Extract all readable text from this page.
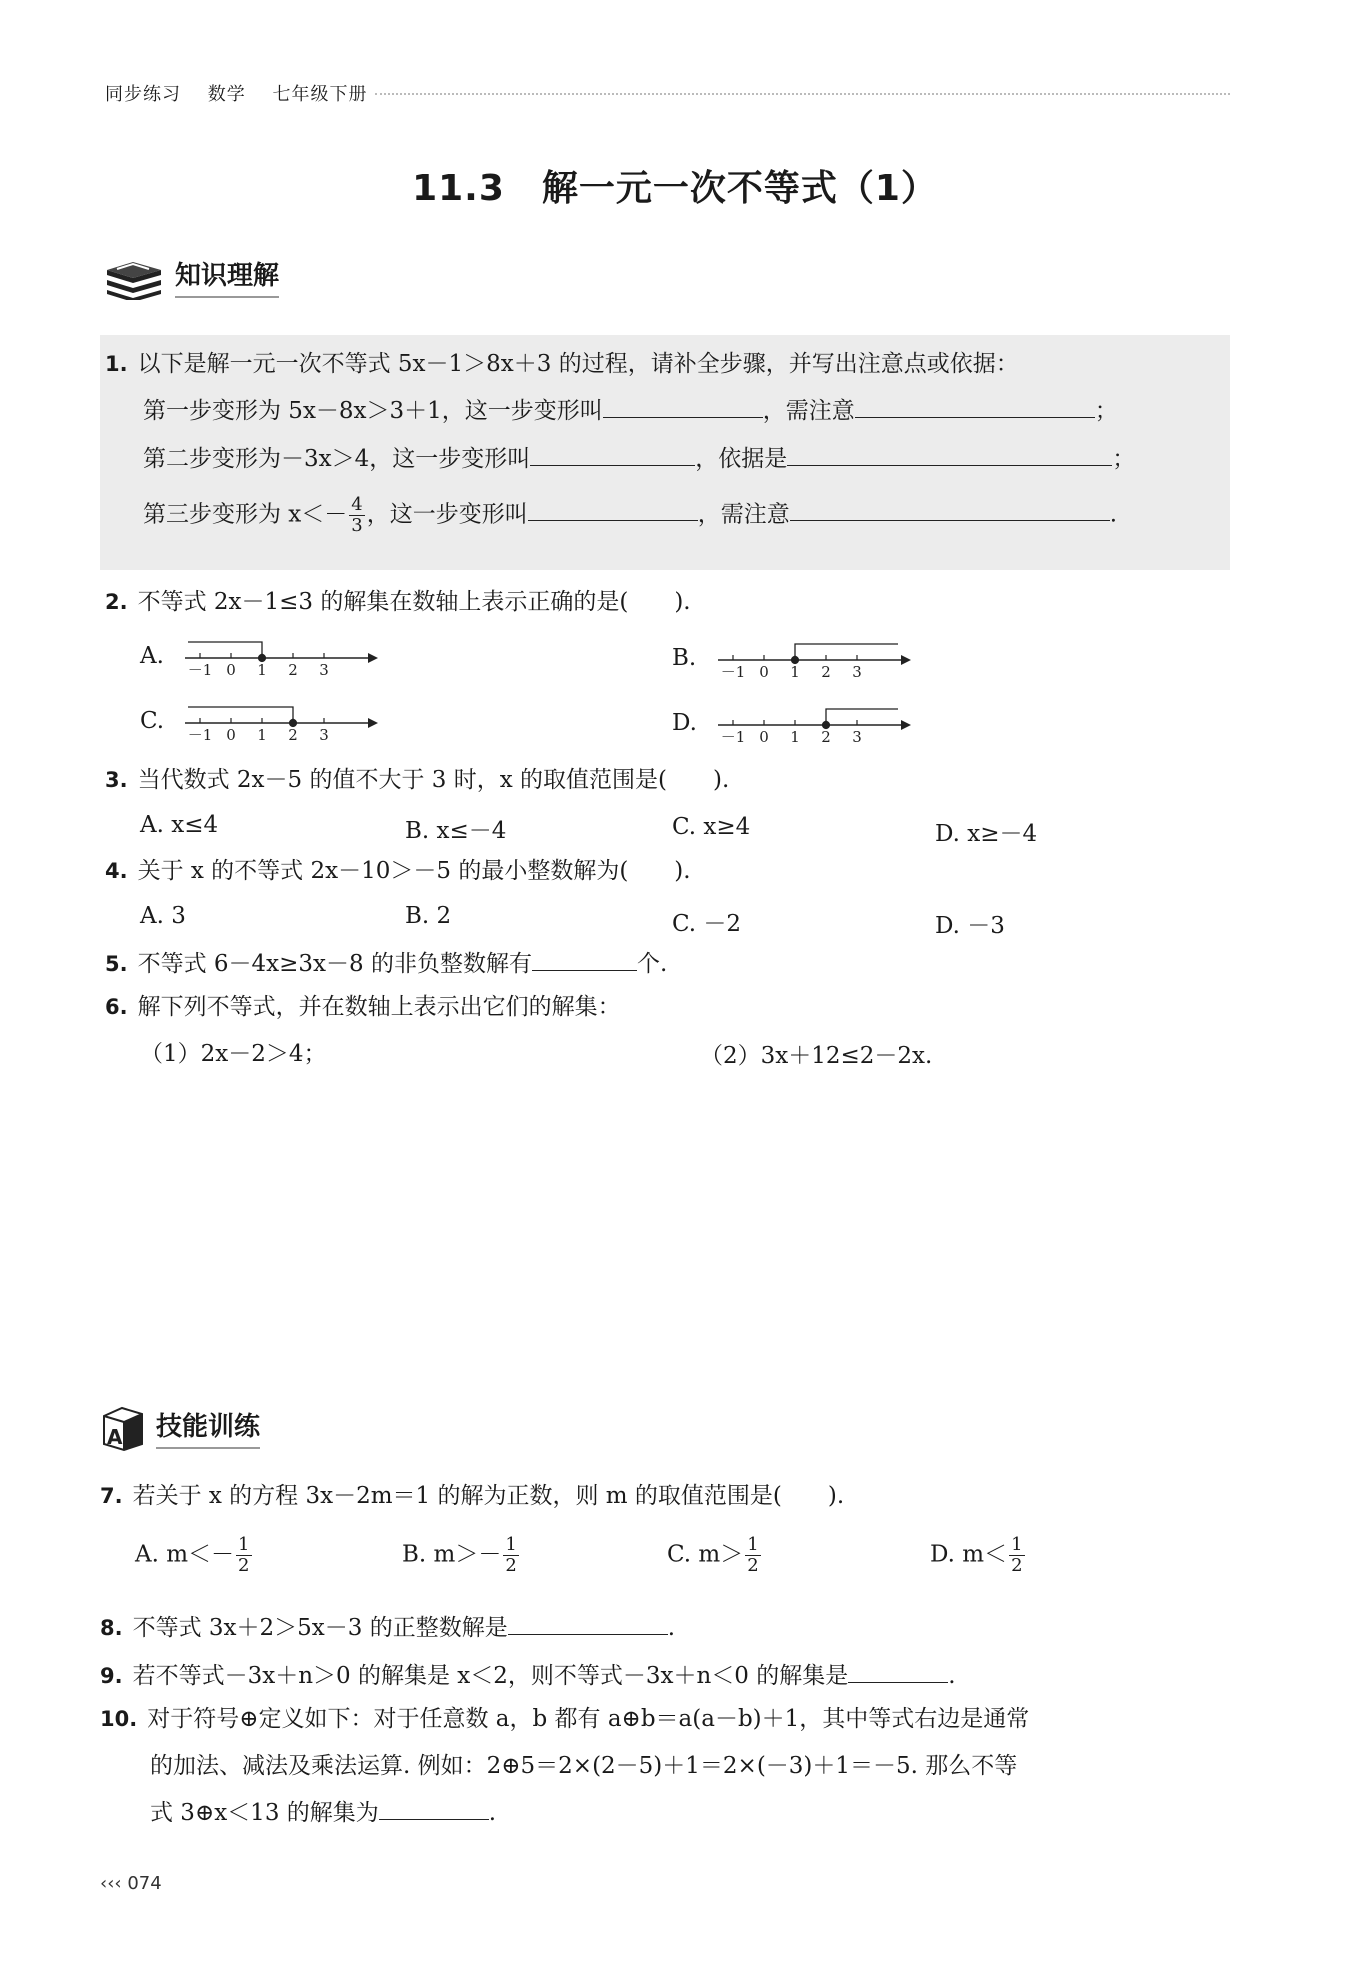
同步练习 数学 七年级下册
11.3　解一元一次不等式（1）
知识理解
1. 以下是解一元一次不等式 5x－1＞8x＋3 的过程，请补全步骤，并写出注意点或依据：
第一步变形为 5x－8x＞3＋1，这一步变形叫	，需注意	；
第二步变形为－3x＞4，这一步变形叫	，依据是	；
第三步变形为 $x<- \frac{4}{3}$ ，这一步变形叫	，需注意	.
2. 不等式 2x－1≤3 的解集在数轴上表示正确的是(　　).
A.	B.
C.	D.
－1 0 1 2 3	－1 0 1 2 3
－1 0 1 2 3	－1 0 1 2 3
3. 当代数式 2x－5 的值不大于 3 时，x 的取值范围是(　　).
A. x≤4	B. x≤－4	C. x≥4	D. x≥－4
4. 关于 x 的不等式 2x－10＞－5 的最小整数解为(　　).
A. 3	B. 2	C. －2	D. －3
5. 不等式 6－4x≥3x－8 的非负整数解有	个.
6. 解下列不等式，并在数轴上表示出它们的解集：
（1）2x－2＞4；	（2）3x＋12≤2－2x.
A 技能训练
7. 若关于 x 的方程 3x－2m＝1 的解为正数，则 m 的取值范围是(　　).
A. $m<- \frac{1}{2}$	B. $m>- \frac{1}{2}$	C. $m> \frac{1}{2}$	D. $m< \frac{1}{2}$
8. 不等式 3x＋2＞5x－3 的正整数解是	.
9. 若不等式－3x＋n＞0 的解集是 x＜2，则不等式－3x＋n＜0 的解集是	.
10. 对于符号⊕定义如下：对于任意数 a，b 都有 a⊕b＝a(a－b)＋1，其中等式右边是通常
的加法、减法及乘法运算. 例如：2⊕5＝2×(2－5)＋1＝2×(－3)＋1＝－5. 那么不等
式 3⊕x＜13 的解集为	.
‹‹‹ 074
